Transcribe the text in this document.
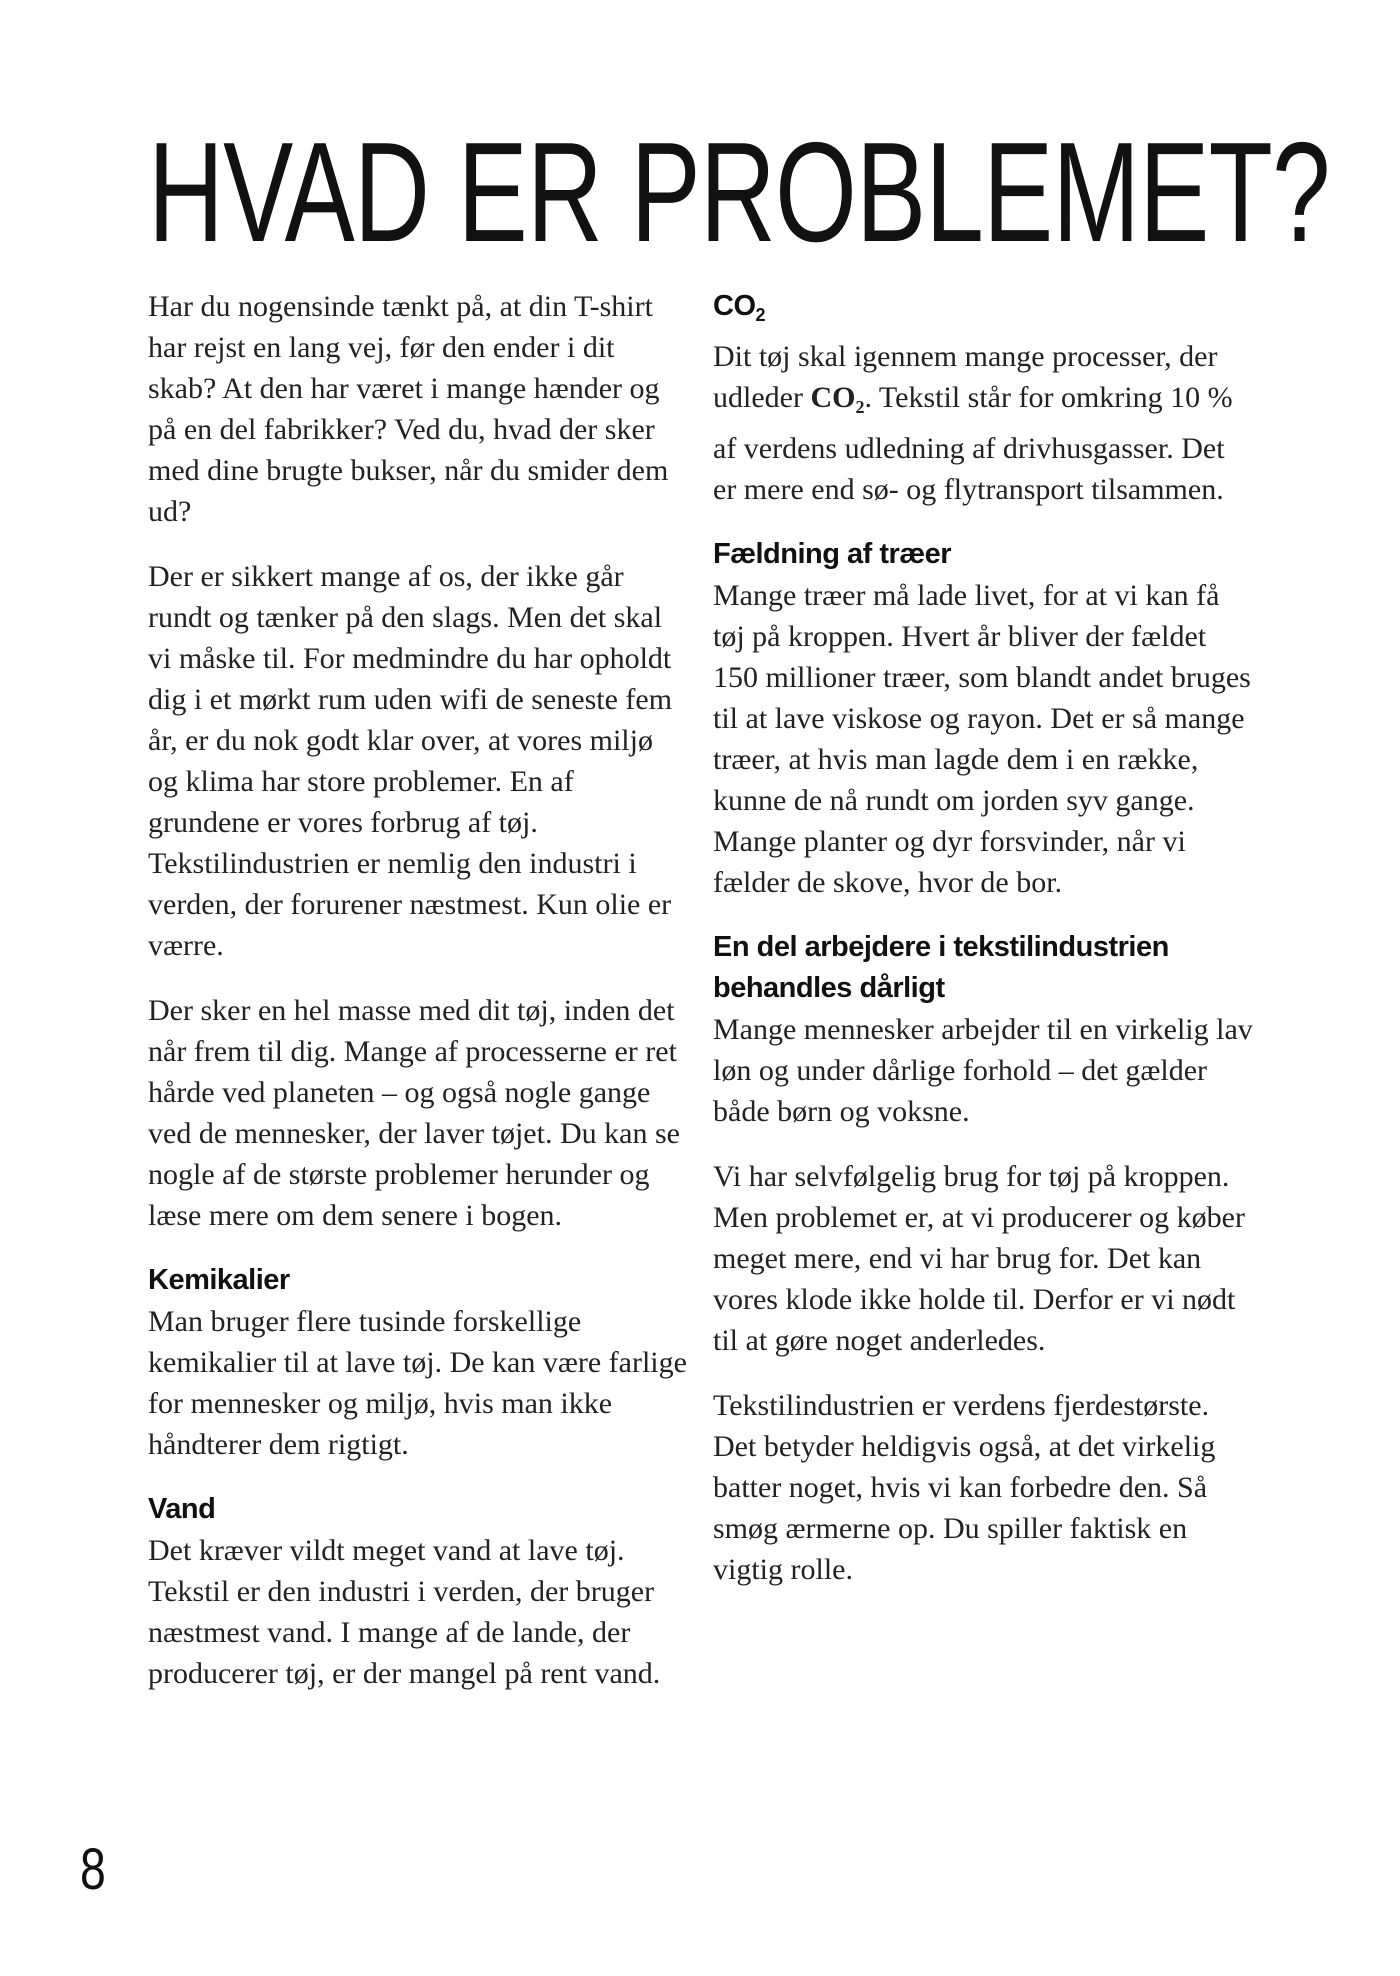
HVAD ER PROBLEMET?

Har du nogensinde tænkt på, at din T-shirt har rejst en lang vej, før den ender i dit skab? At den har været i mange hænder og på en del fabrikker? Ved du, hvad der sker med dine brugte bukser, når du smider dem ud?

Der er sikkert mange af os, der ikke går rundt og tænker på den slags. Men det skal vi måske til. For medmindre du har opholdt dig i et mørkt rum uden wifi de seneste fem år, er du nok godt klar over, at vores miljø og klima har store problemer. En af grundene er vores forbrug af tøj. Tekstilindustrien er nemlig den industri i verden, der forurener næstmest. Kun olie er værre.

Der sker en hel masse med dit tøj, inden det når frem til dig. Mange af processerne er ret hårde ved planeten – og også nogle gange ved de mennesker, der laver tøjet. Du kan se nogle af de største problemer herunder og læse mere om dem senere i bogen.

Kemikalier

Man bruger flere tusinde forskellige kemikalier til at lave tøj. De kan være farlige for mennesker og miljø, hvis man ikke håndterer dem rigtigt.

Vand

Det kræver vildt meget vand at lave tøj. Tekstil er den industri i verden, der bruger næstmest vand. I mange af de lande, der producerer tøj, er der mangel på rent vand.

$CO_2$

Dit tøj skal igennem mange processer, der udleder $CO_2$. Tekstil står for omkring 10 % af verdens udledning af drivhusgasser. Det er mere end sø- og flytransport tilsammen.

Fældning af træer

Mange træer må lade livet, for at vi kan få tøj på kroppen. Hvert år bliver der fældet 150 millioner træer, som blandt andet bruges til at lave viskose og rayon. Det er så mange træer, at hvis man lagde dem i en række, kunne de nå rundt om jorden syv gange. Mange planter og dyr forsvinder, når vi fælder de skove, hvor de bor.

En del arbejdere i tekstilindustrien behandles dårligt

Mange mennesker arbejder til en virkelig lav løn og under dårlige forhold – det gælder både børn og voksne.

Vi har selvfølgelig brug for tøj på kroppen. Men problemet er, at vi producerer og køber meget mere, end vi har brug for. Det kan vores klode ikke holde til. Derfor er vi nødt til at gøre noget anderledes.

Tekstilindustrien er verdens fjerdestørste. Det betyder heldigvis også, at det virkelig batter noget, hvis vi kan forbedre den. Så smøg ærmerne op. Du spiller faktisk en vigtig rolle.

8
